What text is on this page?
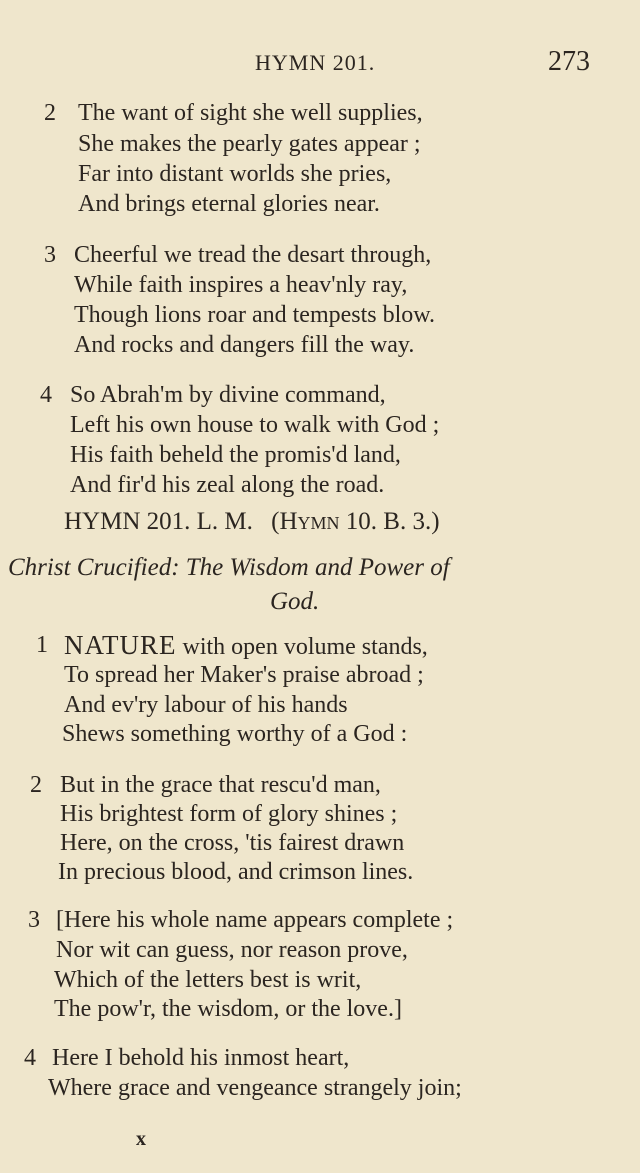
HYMN 201.	273
2 The want of sight she well supplies,
She makes the pearly gates appear ;
Far into distant worlds she pries,
And brings eternal glories near.
3 Cheerful we tread the desart through,
While faith inspires a heav'nly ray,
Though lions roar and tempests blow.
And rocks and dangers fill the way.
4 So Abrah'm by divine command,
Left his own house to walk with God ;
His faith beheld the promis'd land,
And fir'd his zeal along the road.
HYMN 201. L. M. (Hymn 10. B. 3.)
Christ Crucified: The Wisdom and Power of
God.
1 NATURE with open volume stands,
To spread her Maker's praise abroad ;
And ev'ry labour of his hands
Shews something worthy of a God :
2 But in the grace that rescu'd man,
His brightest form of glory shines ;
Here, on the cross, 'tis fairest drawn
In precious blood, and crimson lines.
3 [Here his whole name appears complete ;
Nor wit can guess, nor reason prove,
Which of the letters best is writ,
The pow'r, the wisdom, or the love.]
4 Here I behold his inmost heart,
Where grace and vengeance strangely join;
x
